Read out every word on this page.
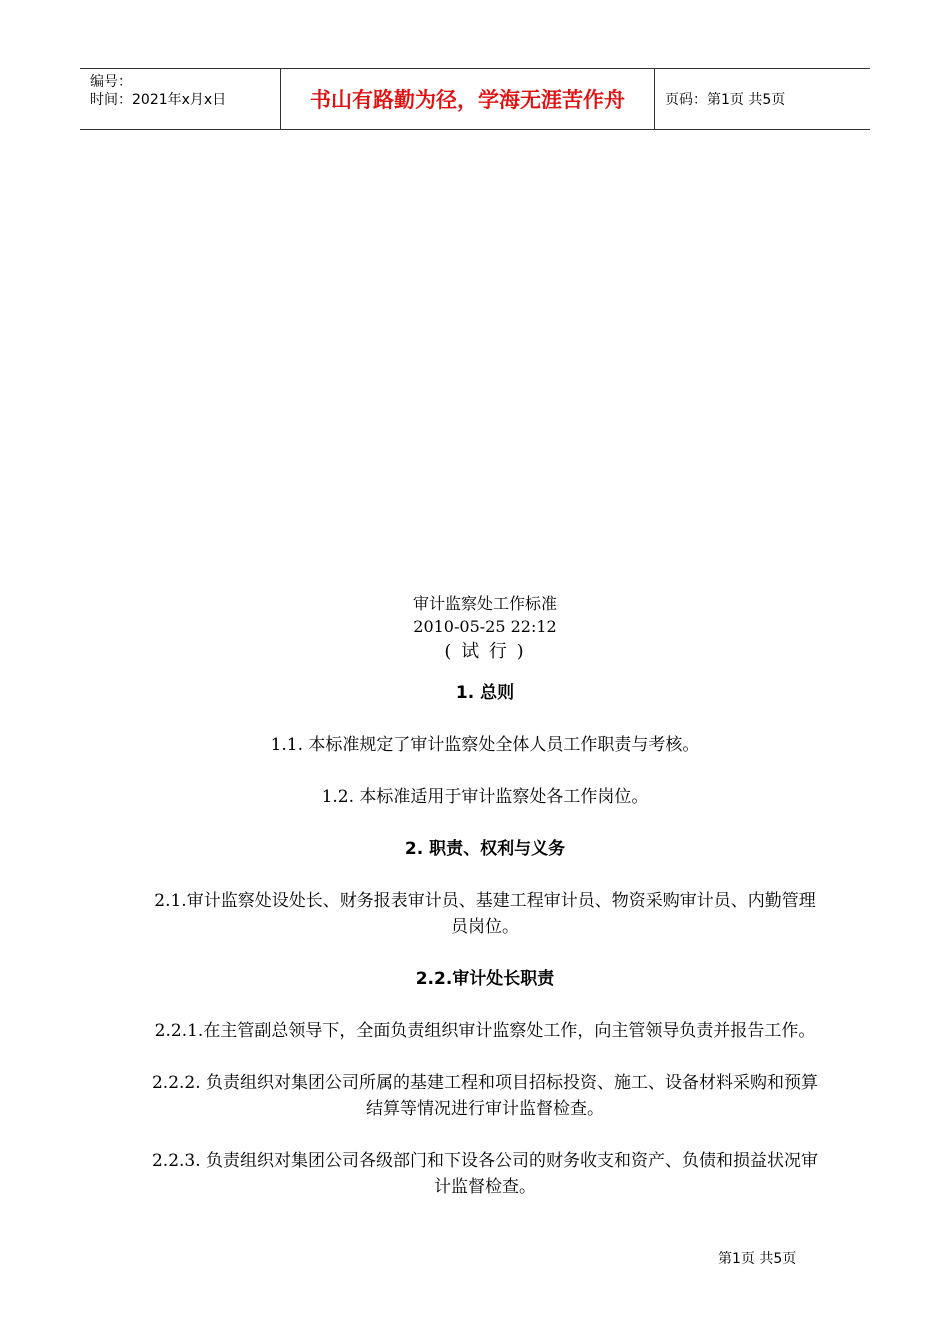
编号：
时间：2021年x月x日	书山有路勤为径，学海无涯苦作舟	页码：第1页 共5页
审计监察处工作标准
2010-05-25 22:12
( 试 行 )
1. 总则
1.1. 本标准规定了审计监察处全体人员工作职责与考核。
1.2. 本标准适用于审计监察处各工作岗位。
2. 职责、权利与义务
2.1.审计监察处设处长、财务报表审计员、基建工程审计员、物资采购审计员、内勤管理员岗位。
2.2.审计处长职责
2.2.1.在主管副总领导下，全面负责组织审计监察处工作，向主管领导负责并报告工作。
2.2.2. 负责组织对集团公司所属的基建工程和项目招标投资、施工、设备材料采购和预算结算等情况进行审计监督检查。
2.2.3. 负责组织对集团公司各级部门和下设各公司的财务收支和资产、负债和损益状况审计监督检查。
第1页 共5页
